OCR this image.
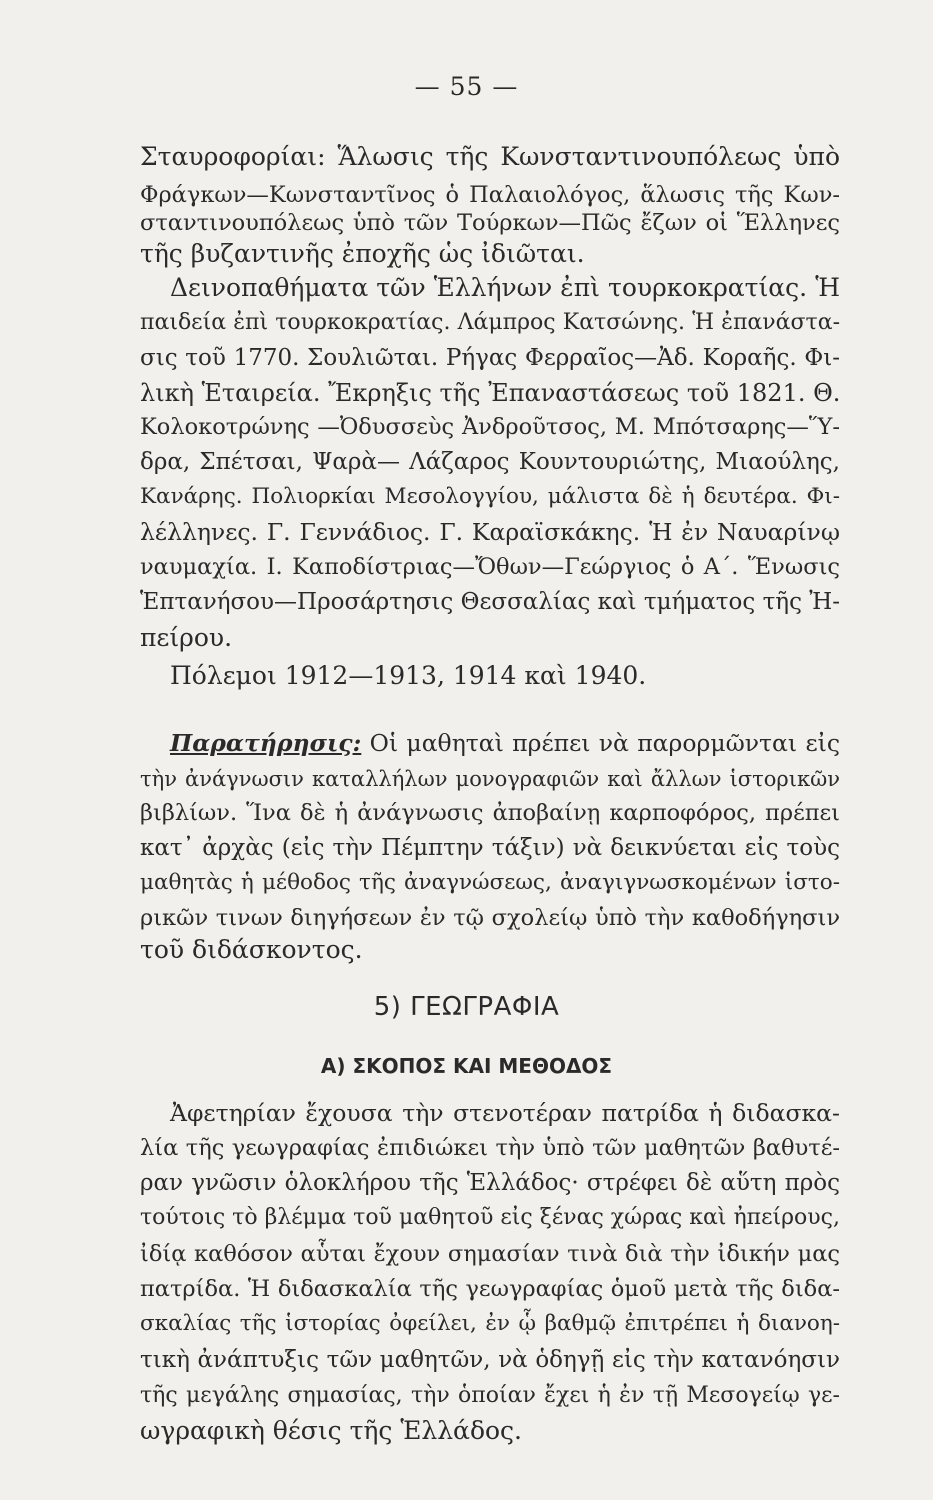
— 55 —
Σταυροφορίαι: Ἅλωσις τῆς Κωνσταντινουπόλεως ὑπὸ
Φράγκων—Κωνσταντῖνος ὁ Παλαιολόγος, ἅλωσις τῆς Κων-
σταντινουπόλεως ὑπὸ τῶν Τούρκων—Πῶς ἔζων οἱ Ἕλληνες
τῆς βυζαντινῆς ἐποχῆς ὡς ἰδιῶται.
Δεινοπαθήματα τῶν Ἑλλήνων ἐπὶ τουρκοκρατίας. Ἡ
παιδεία ἐπὶ τουρκοκρατίας. Λάμπρος Κατσώνης. Ἡ ἐπανάστα-
σις τοῦ 1770. Σουλιῶται. Ρήγας Φερραῖος—Ἀδ. Κοραῆς. Φι-
λικὴ Ἑταιρεία. Ἔκρηξις τῆς Ἐπαναστάσεως τοῦ 1821. Θ.
Κολοκοτρώνης —Ὀδυσσεὺς Ἀνδροῦτσος, Μ. Μπότσαρης—Ὕ-
δρα, Σπέτσαι, Ψαρὰ— Λάζαρος Κουντουριώτης, Μιαούλης,
Κανάρης. Πολιορκίαι Μεσολογγίου, μάλιστα δὲ ἡ δευτέρα. Φι-
λέλληνες. Γ. Γεννάδιος. Γ. Καραϊσκάκης. Ἡ ἐν Ναυαρίνῳ
ναυμαχία. Ι. Καποδίστριας—Ὄθων—Γεώργιος ὁ Α΄. Ἕνωσις
Ἑπτανήσου—Προσάρτησις Θεσσαλίας καὶ τμήματος τῆς Ἠ-
πείρου.
Πόλεμοι 1912—1913, 1914 καὶ 1940.
Παρατήρησις: Οἱ μαθηταὶ πρέπει νὰ παρορμῶνται εἰς
τὴν ἀνάγνωσιν καταλλήλων μονογραφιῶν καὶ ἄλλων ἱστορικῶν
βιβλίων. Ἵνα δὲ ἡ ἀνάγνωσις ἀποβαίνῃ καρποφόρος, πρέπει
κατ᾽ ἀρχὰς (εἰς τὴν Πέμπτην τάξιν) νὰ δεικνύεται εἰς τοὺς
μαθητὰς ἡ μέθοδος τῆς ἀναγνώσεως, ἀναγιγνωσκομένων ἱστο-
ρικῶν τινων διηγήσεων ἐν τῷ σχολείῳ ὑπὸ τὴν καθοδήγησιν
τοῦ διδάσκοντος.
5) ΓΕΩΓΡΑΦΙΑ
Α) ΣΚΟΠΟΣ ΚΑΙ ΜΕΘΟΔΟΣ
Ἀφετηρίαν ἔχουσα τὴν στενοτέραν πατρίδα ἡ διδασκα-
λία τῆς γεωγραφίας ἐπιδιώκει τὴν ὑπὸ τῶν μαθητῶν βαθυτέ-
ραν γνῶσιν ὁλοκλήρου τῆς Ἑλλάδος· στρέφει δὲ αὕτη πρὸς
τούτοις τὸ βλέμμα τοῦ μαθητοῦ εἰς ξένας χώρας καὶ ἠπείρους,
ἰδίᾳ καθόσον αὗται ἔχουν σημασίαν τινὰ διὰ τὴν ἰδικήν μας
πατρίδα. Ἡ διδασκαλία τῆς γεωγραφίας ὁμοῦ μετὰ τῆς διδα-
σκαλίας τῆς ἱστορίας ὀφείλει, ἐν ᾧ βαθμῷ ἐπιτρέπει ἡ διανοη-
τικὴ ἀνάπτυξις τῶν μαθητῶν, νὰ ὁδηγῇ εἰς τὴν κατανόησιν
τῆς μεγάλης σημασίας, τὴν ὁποίαν ἔχει ἡ ἐν τῇ Μεσογείῳ γε-
ωγραφικὴ θέσις τῆς Ἑλλάδος.
